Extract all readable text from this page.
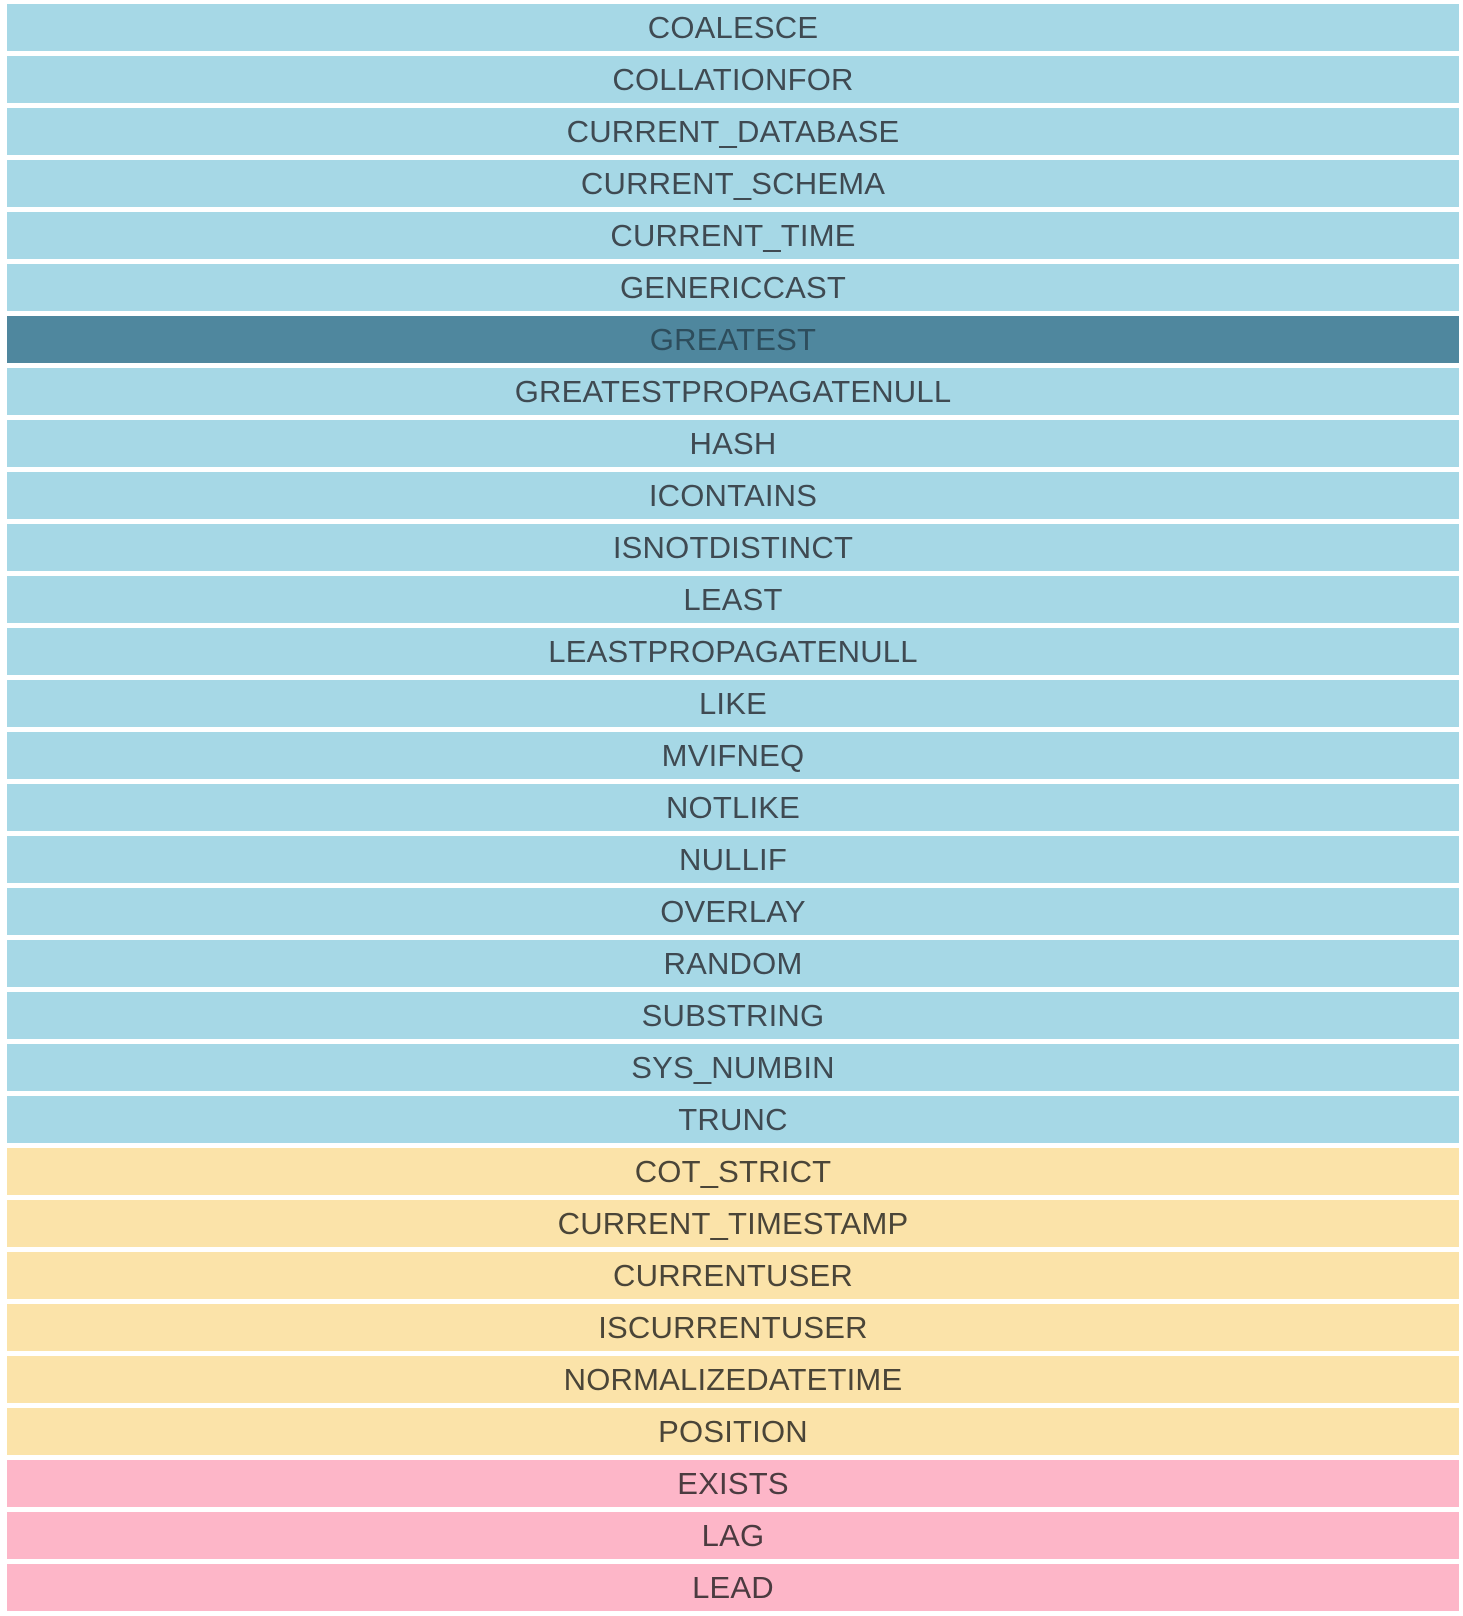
COALESCE
COLLATIONFOR
CURRENT_DATABASE
CURRENT_SCHEMA
CURRENT_TIME
GENERICCAST
GREATEST
GREATESTPROPAGATENULL
HASH
ICONTAINS
ISNOTDISTINCT
LEAST
LEASTPROPAGATENULL
LIKE
MVIFNEQ
NOTLIKE
NULLIF
OVERLAY
RANDOM
SUBSTRING
SYS_NUMBIN
TRUNC
COT_STRICT
CURRENT_TIMESTAMP
CURRENTUSER
ISCURRENTUSER
NORMALIZEDATETIME
POSITION
EXISTS
LAG
LEAD
